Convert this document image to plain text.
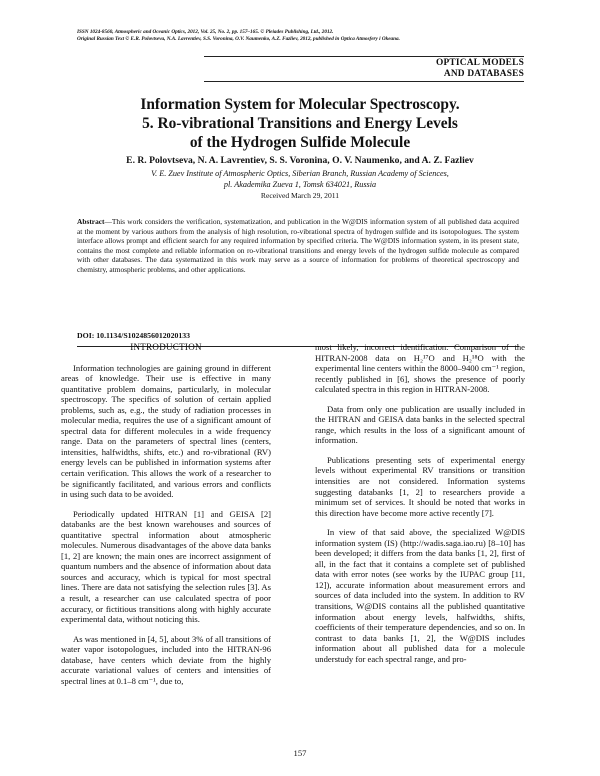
ISSN 1024-8560, Atmospheric and Oceanic Optics, 2012, Vol. 25, No. 2, pp. 157–165. © Pleiades Publishing, Ltd., 2012.
Original Russian Text © E.R. Polovtseva, N.A. Lavrentiev, S.S. Voronina, O.V. Naumenko, A.Z. Fazliev, 2012, published in Optica Atmosfery i Okeana.
OPTICAL MODELS
AND DATABASES
Information System for Molecular Spectroscopy.
5. Ro-vibrational Transitions and Energy Levels
of the Hydrogen Sulfide Molecule
E. R. Polovtseva, N. A. Lavrentiev, S. S. Voronina, O. V. Naumenko, and A. Z. Fazliev
V. E. Zuev Institute of Atmospheric Optics, Siberian Branch, Russian Academy of Sciences,
pl. Akademika Zueva 1, Tomsk 634021, Russia
Received March 29, 2011

Abstract—This work considers the verification, systematization, and publication in the W@DIS information system of all published data acquired at the moment by various authors from the analysis of high resolution, ro-vibrational spectra of hydrogen sulfide and its isotopologues. The system interface allows prompt and efficient search for any required information by specified criteria. The W@DIS information system, in its present state, contains the most complete and reliable information on ro-vibrational transitions and energy levels of the hydrogen sulfide molecule as compared with other databases. The data systematized in this work may serve as a source of information for problems of theoretical spectroscopy and chemistry, atmospheric problems, and other applications.

DOI: 10.1134/S1024856012020133

INTRODUCTION

Information technologies are gaining ground in different areas of knowledge. Their use is effective in many quantitative problem domains, particularly, in molecular spectroscopy. The specifics of solution of certain applied problems, such as, e.g., the study of radiation processes in molecular media, requires the use of a significant amount of spectral data for different molecules in a wide frequency range. Data on the parameters of spectral lines (centers, intensities, halfwidths, shifts, etc.) and ro-vibrational (RV) energy levels can be published in information systems after certain verification. This allows the work of a researcher to be significantly facilitated, and various errors and conflicts in using such data to be avoided.

Periodically updated HITRAN [1] and GEISA [2] databanks are the best known warehouses and sources of quantitative spectral information about atmospheric molecules. Numerous disadvantages of the above data banks [1, 2] are known; the main ones are incorrect assignment of quantum numbers and the absence of information about data sources and accuracy, which is typical for most spectral lines. There are data not satisfying the selection rules [3]. As a result, a researcher can use calculated spectra of poor accuracy, or fictitious transitions along with highly accurate experimental data, without noticing this.

As was mentioned in [4, 5], about 3% of all transitions of water vapor isotopologues, included into the HITRAN-96 database, have centers which deviate from the highly accurate variational values of centers and intensities of spectral lines at 0.1–8 cm⁻¹, due to,

most likely, incorrect identification. Comparison of the HITRAN-2008 data on H₂¹⁷O and H₂¹⁸O with the experimental line centers within the 8000–9400 cm⁻¹ region, recently published in [6], shows the presence of poorly calculated spectra in this region in HITRAN-2008.

Data from only one publication are usually included in the HITRAN and GEISA data banks in the selected spectral range, which results in the loss of a significant amount of information.

Publications presenting sets of experimental energy levels without experimental RV transitions or transition intensities are not considered. Information systems suggesting databanks [1, 2] to researchers provide a minimum set of services. It should be noted that works in this direction have become more active recently [7].

In view of that said above, the specialized W@DIS information system (IS) (http://wadis.saga.iao.ru) [8–10] has been developed; it differs from the data banks [1, 2], first of all, in the fact that it contains a complete set of published data with error notes (see works by the IUPAC group [11, 12]), accurate information about measurement errors and sources of data included into the system. In addition to RV transitions, W@DIS contains all the published quantitative information about energy levels, halfwidths, shifts, coefficients of their temperature dependencies, and so on. In contrast to data banks [1, 2], the W@DIS includes information about all published data for a molecule understudy for each spectral range, and pro-

157
